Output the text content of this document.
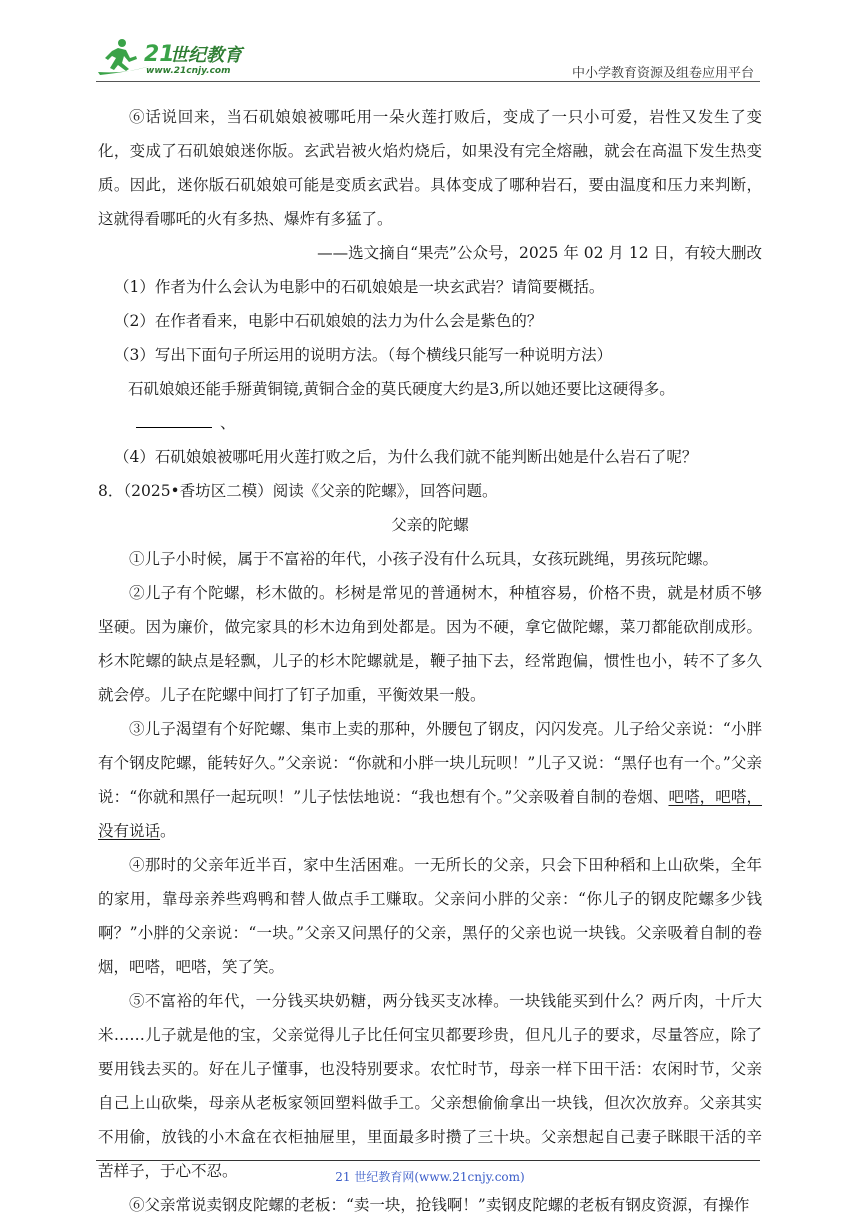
21
世纪教育
www.21cnjy.com	中小学教育资源及组卷应用平台

⑥话说回来，当石矶娘娘被哪吒用一朵火莲打败后，变成了一只小可爱，岩性又发生了变化，变成了石矶娘娘迷你版。玄武岩被火焰灼烧后，如果没有完全熔融，就会在高温下发生热变质。因此，迷你版石矶娘娘可能是变质玄武岩。具体变成了哪种岩石，要由温度和压力来判断，这就得看哪吒的火有多热、爆炸有多猛了。

——选文摘自“果壳”公众号，2025 年 02 月 12 日，有较大删改

（1）作者为什么会认为电影中的石矶娘娘是一块玄武岩？请简要概括。

（2）在作者看来，电影中石矶娘娘的法力为什么会是紫色的？

（3）写出下面句子所运用的说明方法。（每个横线只能写一种说明方法）

石矶娘娘还能手掰黄铜镜,黄铜合金的莫氏硬度大约是3,所以她还要比这硬得多。、

（4）石矶娘娘被哪吒用火莲打败之后，为什么我们就不能判断出她是什么岩石了呢？

8．（2025•香坊区二模）阅读《父亲的陀螺》，回答问题。

父亲的陀螺

①儿子小时候，属于不富裕的年代，小孩子没有什么玩具，女孩玩跳绳，男孩玩陀螺。

②儿子有个陀螺，杉木做的。杉树是常见的普通树木，种植容易，价格不贵，就是材质不够坚硬。因为廉价，做完家具的杉木边角到处都是。因为不硬，拿它做陀螺，菜刀都能砍削成形。杉木陀螺的缺点是轻飘，儿子的杉木陀螺就是，鞭子抽下去，经常跑偏，惯性也小，转不了多久就会停。儿子在陀螺中间打了钉子加重，平衡效果一般。

③儿子渴望有个好陀螺、集市上卖的那种，外腰包了钢皮，闪闪发亮。儿子给父亲说：“小胖有个钢皮陀螺，能转好久。”父亲说：“你就和小胖一块儿玩呗！”儿子又说：“黑仔也有一个。”父亲说：“你就和黑仔一起玩呗！”儿子怯怯地说：“我也想有个。”父亲吸着自制的卷烟、吧嗒，吧嗒，没有说话。

④那时的父亲年近半百，家中生活困难。一无所长的父亲，只会下田种稻和上山砍柴，全年的家用，靠母亲养些鸡鸭和替人做点手工赚取。父亲问小胖的父亲：“你儿子的钢皮陀螺多少钱啊？”小胖的父亲说：“一块。”父亲又问黑仔的父亲，黑仔的父亲也说一块钱。父亲吸着自制的卷烟，吧嗒，吧嗒，笑了笑。

⑤不富裕的年代，一分钱买块奶糖，两分钱买支冰棒。一块钱能买到什么？两斤肉，十斤大米……儿子就是他的宝，父亲觉得儿子比任何宝贝都要珍贵，但凡儿子的要求，尽量答应，除了要用钱去买的。好在儿子懂事，也没特别要求。农忙时节，母亲一样下田干活：农闲时节，父亲自己上山砍柴，母亲从老板家领回塑料做手工。父亲想偷偷拿出一块钱，但次次放弃。父亲其实不用偷，放钱的小木盒在衣柜抽屉里，里面最多时攒了三十块。父亲想起自己妻子眯眼干活的辛苦样子，于心不忍。

⑥父亲常说卖钢皮陀螺的老板：“卖一块，抢钱啊！”卖钢皮陀螺的老板有钢皮资源，有操作

21 世纪教育网(www.21cnjy.com)
